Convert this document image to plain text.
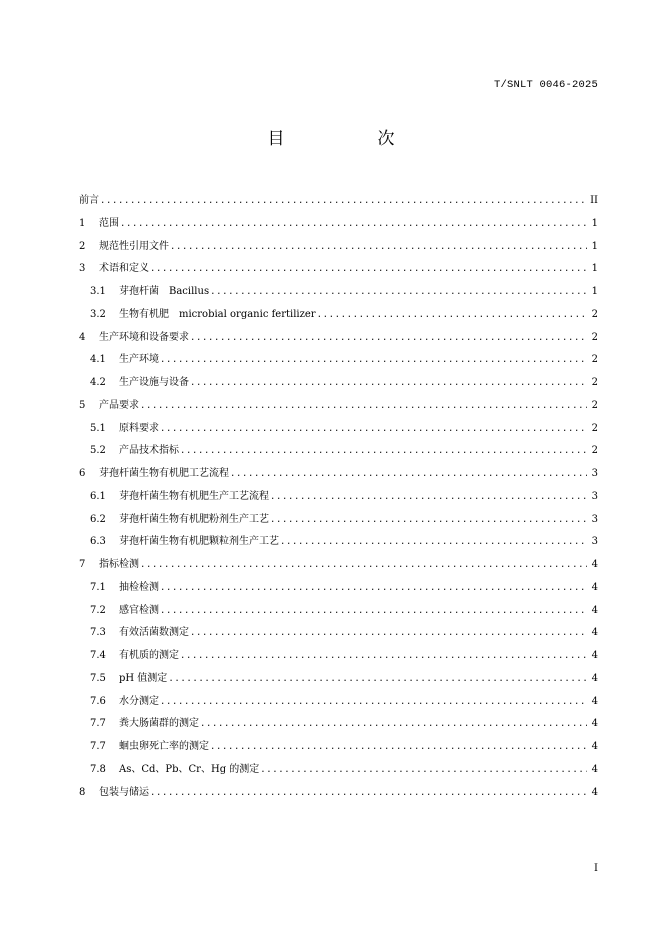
T/SNLT 0046-2025
目　次
前言 .....	II
1	范围 .....	1
2	规范性引用文件 .....	1
3	术语和定义 .....	1
3.1	芽孢杆菌　Bacillus .....	1
3.2	生物有机肥　microbial organic fertilizer .....	2
4	生产环境和设备要求 .....	2
4.1	生产环境 .....	2
4.2	生产设施与设备 .....	2
5	产品要求 .....	2
5.1	原料要求 .....	2
5.2	产品技术指标 .....	2
6	芽孢杆菌生物有机肥工艺流程 .....	3
6.1	芽孢杆菌生物有机肥生产工艺流程 .....	3
6.2	芽孢杆菌生物有机肥粉剂生产工艺 .....	3
6.3	芽孢杆菌生物有机肥颗粒剂生产工艺 .....	3
7	指标检测 .....	4
7.1	抽检检测 .....	4
7.2	感官检测 .....	4
7.3	有效活菌数测定 .....	4
7.4	有机质的测定 .....	4
7.5	pH 值测定 .....	4
7.6	水分测定 .....	4
7.7	粪大肠菌群的测定 .....	4
7.7	蛔虫卵死亡率的测定 .....	4
7.8	As、Cd、Pb、Cr、Hg 的测定 .....	4
8	包装与储运 .....	4
I
